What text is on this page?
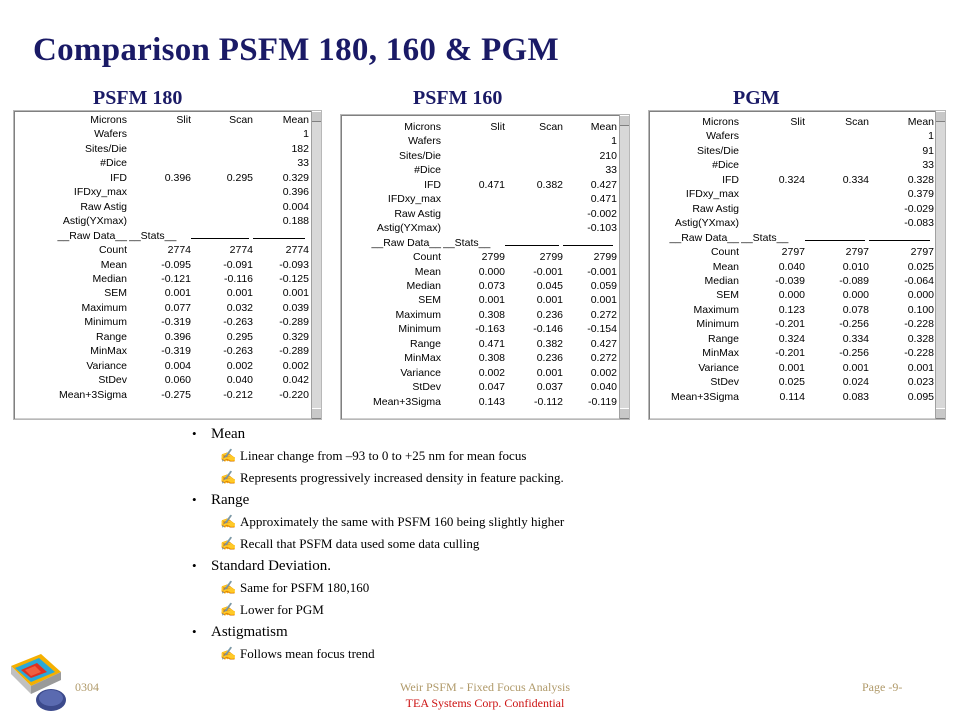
Comparison PSFM 180, 160 & PGM
PSFM 180	PSFM 160	PGM
Microns	Slit	Scan	Mean
Wafers			1
Sites/Die			182
#Dice			33
IFD	0.396	0.295	0.329
IFDxy_max			0.396
Raw Astig			0.004
Astig(YXmax)			0.188
__Raw Data__	__Stats__	

Count	2774	2774	2774
Mean	-0.095	-0.091	-0.093
Median	-0.121	-0.116	-0.125
SEM	0.001	0.001	0.001
Maximum	0.077	0.032	0.039
Minimum	-0.319	-0.263	-0.289
Range	0.396	0.295	0.329
MinMax	-0.319	-0.263	-0.289
Variance	0.004	0.002	0.002
StDev	0.060	0.040	0.042
Mean+3Sigma	-0.275	-0.212	-0.220
Microns	Slit	Scan	Mean
Wafers			1
Sites/Die			210
#Dice			33
IFD	0.471	0.382	0.427
IFDxy_max			0.471
Raw Astig			-0.002
Astig(YXmax)			-0.103
__Raw Data__	__Stats__	

Count	2799	2799	2799
Mean	0.000	-0.001	-0.001
Median	0.073	0.045	0.059
SEM	0.001	0.001	0.001
Maximum	0.308	0.236	0.272
Minimum	-0.163	-0.146	-0.154
Range	0.471	0.382	0.427
MinMax	0.308	0.236	0.272
Variance	0.002	0.001	0.002
StDev	0.047	0.037	0.040
Mean+3Sigma	0.143	-0.112	-0.119
Microns	Slit	Scan	Mean
Wafers			1
Sites/Die			91
#Dice			33
IFD	0.324	0.334	0.328
IFDxy_max			0.379
Raw Astig			-0.029
Astig(YXmax)			-0.083
__Raw Data__	__Stats__	

Count	2797	2797	2797
Mean	0.040	0.010	0.025
Median	-0.039	-0.089	-0.064
SEM	0.000	0.000	0.000
Maximum	0.123	0.078	0.100
Minimum	-0.201	-0.256	-0.228
Range	0.324	0.334	0.328
MinMax	-0.201	-0.256	-0.228
Variance	0.001	0.001	0.001
StDev	0.025	0.024	0.023
Mean+3Sigma	0.114	0.083	0.095
• Mean
✍ Linear change from –93 to 0 to +25 nm for mean focus
✍ Represents progressively increased density in feature packing.
• Range
✍ Approximately the same with PSFM 160 being slightly higher
✍ Recall that PSFM data used some data culling
• Standard Deviation.
✍ Same for PSFM 180,160
✍ Lower for PGM
• Astigmatism
✍ Follows mean focus trend
0304	Weir PSFM - Fixed Focus Analysis	Page -9-
TEA Systems Corp. Confidential
